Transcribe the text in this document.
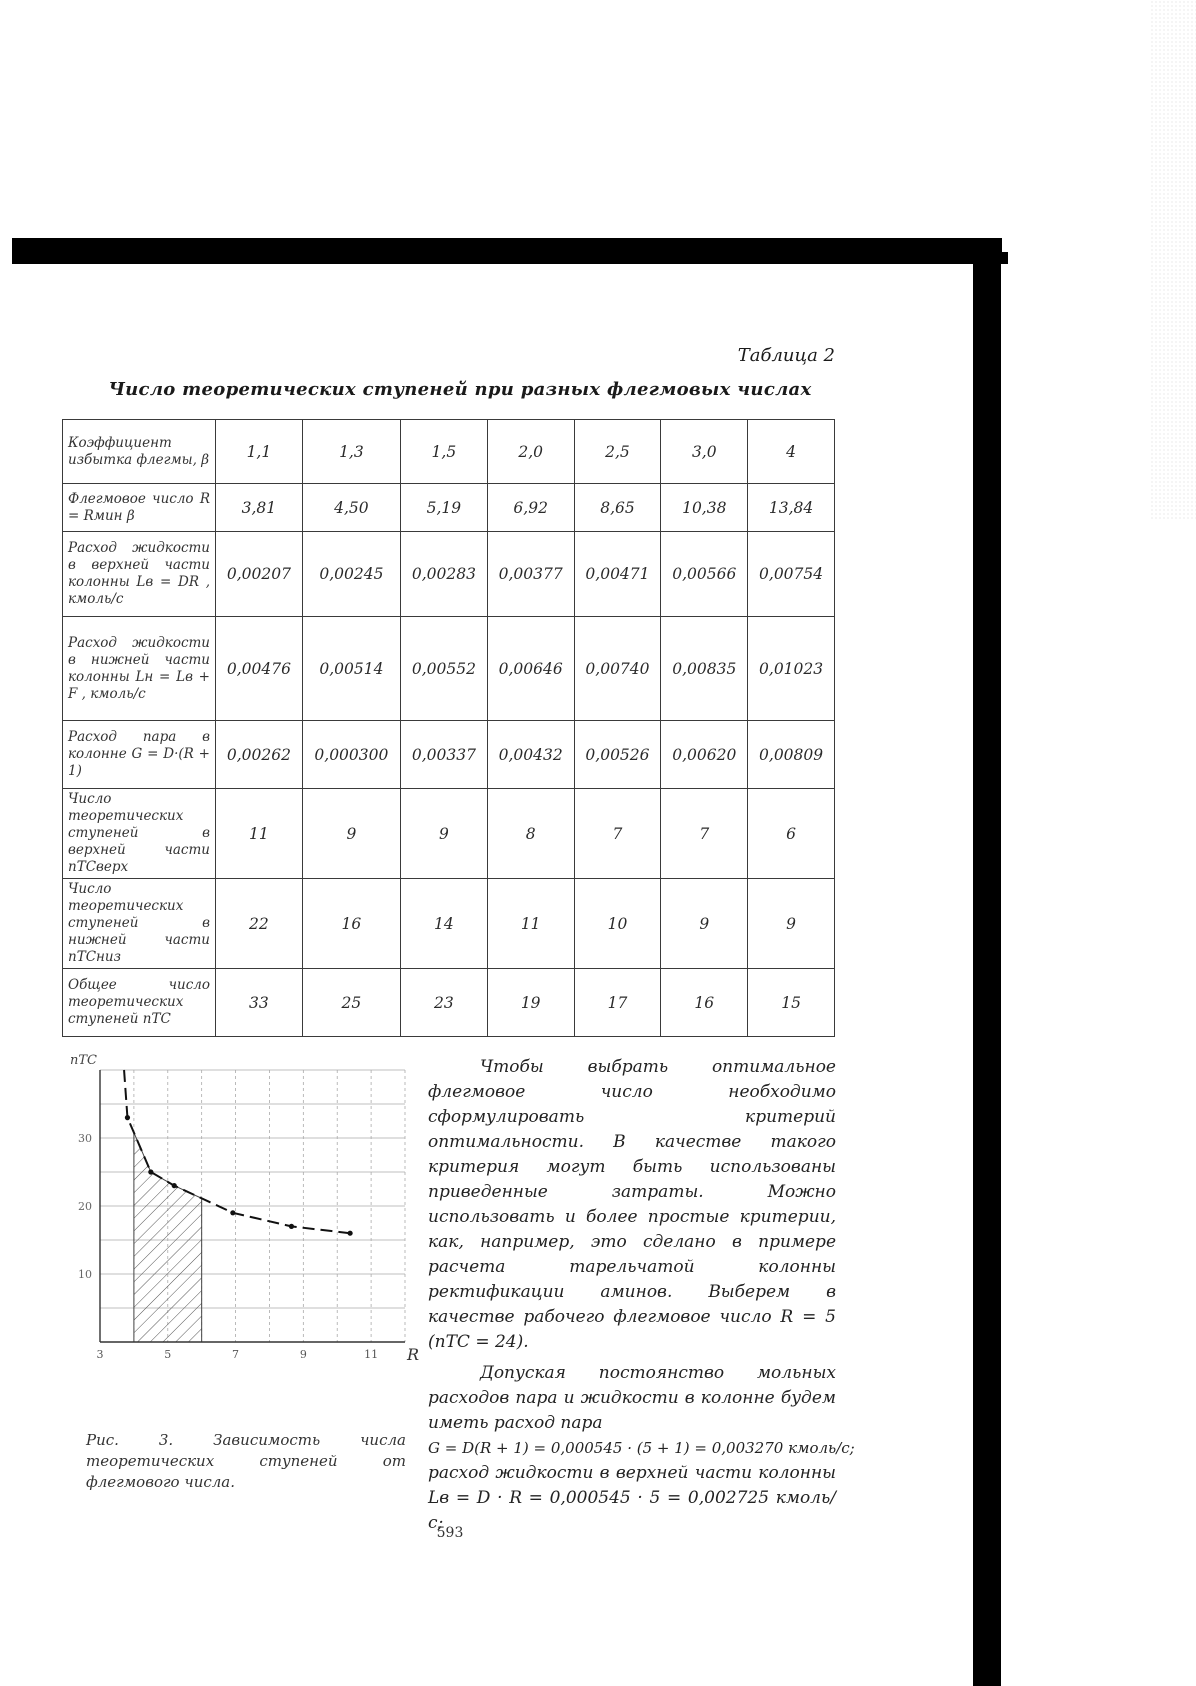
Таблица 2
Число теоретических ступеней при разных флегмовых числах
Коэффициент избытка флегмы, β	1,1	1,3	1,5	2,0	2,5	3,0	4
Флегмовое число R = Rмин β	3,81	4,50	5,19	6,92	8,65	10,38	13,84
Расход жидкости в верхней части колонны Lв = DR , кмоль/с	0,00207	0,00245	0,00283	0,00377	0,00471	0,00566	0,00754
Расход жидкости в нижней части колонны Lн = Lв + F , кмоль/с	0,00476	0,00514	0,00552	0,00646	0,00740	0,00835	0,01023
Расход пара в колонне G = D·(R + 1)	0,00262	0,000300	0,00337	0,00432	0,00526	0,00620	0,00809
Число теоретических ступеней в верхней части nТСверх	11	9	9	8	7	7	6
Число теоретических ступеней в нижней части nТСниз	22	16	14	11	10	9	9
Общее число теоретических ступеней nТС	33	25	23	19	17	16	15
3	5	7	9	11
10
20
30
R
nТС
Рис. 3. Зависимость числа теоретических ступеней от флегмового числа.

Чтобы выбрать оптимальное флегмовое число необходимо сформулировать критерий оптимальности. В качестве такого критерия могут быть использованы приведенные затраты. Можно использовать и более простые критерии, как, например, это сделано в примере расчета тарельчатой колонны ректификации аминов. Выберем в качестве рабочего флегмовое число R = 5 (nТС = 24).

Допуская постоянство мольных расходов пара и жидкости в колонне будем иметь расход пара

G = D(R + 1) = 0,000545 · (5 + 1) = 0,003270 кмоль/с;

расход жидкости в верхней части колонны Lв = D · R = 0,000545 · 5 = 0,002725 кмоль/с;

593
